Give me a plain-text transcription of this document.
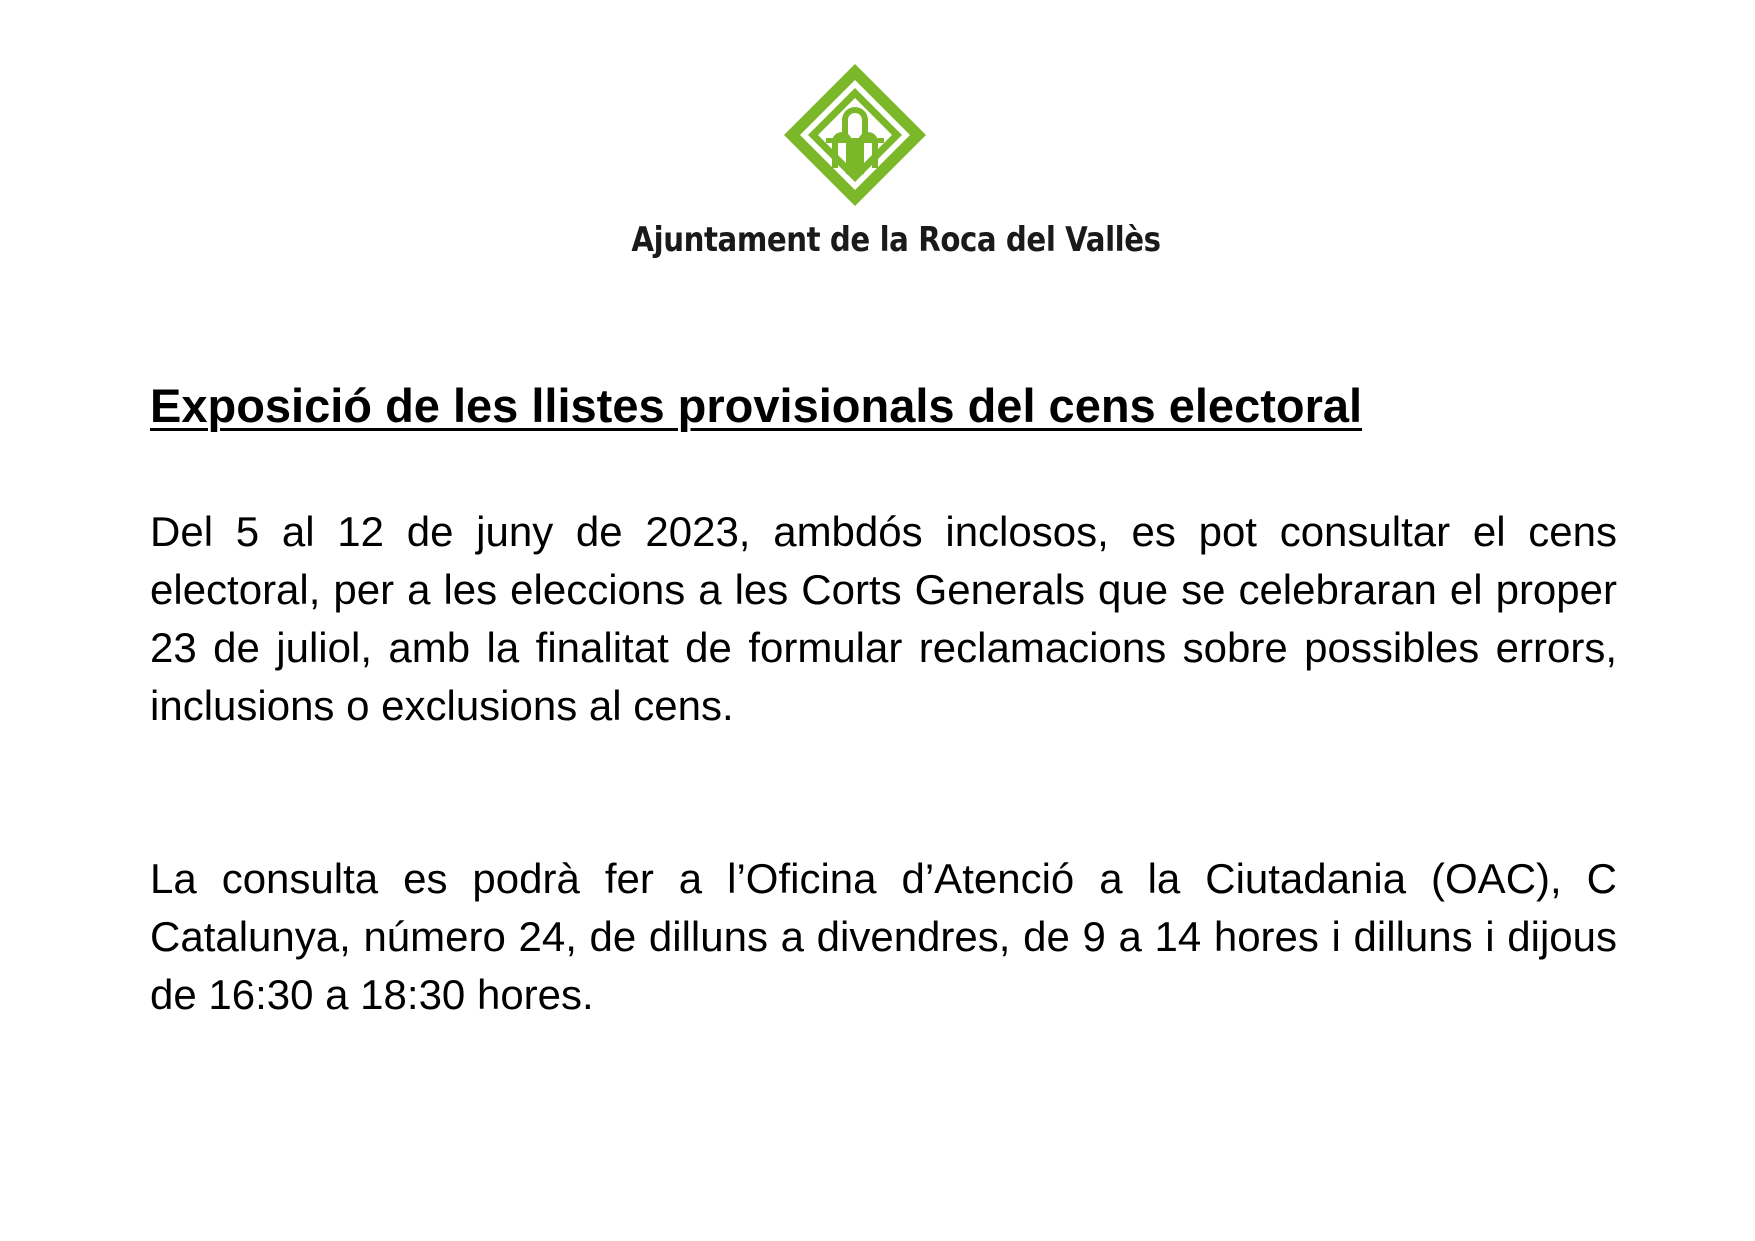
Ajuntament de la Roca del Vallès
Exposició de les llistes provisionals del cens electoral

Del 5 al 12 de juny de 2023, ambdós inclosos, es pot consultar el cens electoral, per a les eleccions a les Corts Generals que se celebraran el proper 23 de juliol, amb la finalitat de formular reclamacions sobre possibles errors, inclusions o exclusions al cens.

La consulta es podrà fer a l’Oficina d’Atenció a la Ciutadania (OAC), C Catalunya, número 24, de dilluns a divendres, de 9 a 14 hores i dilluns i dijous de 16:30 a 18:30 hores.
